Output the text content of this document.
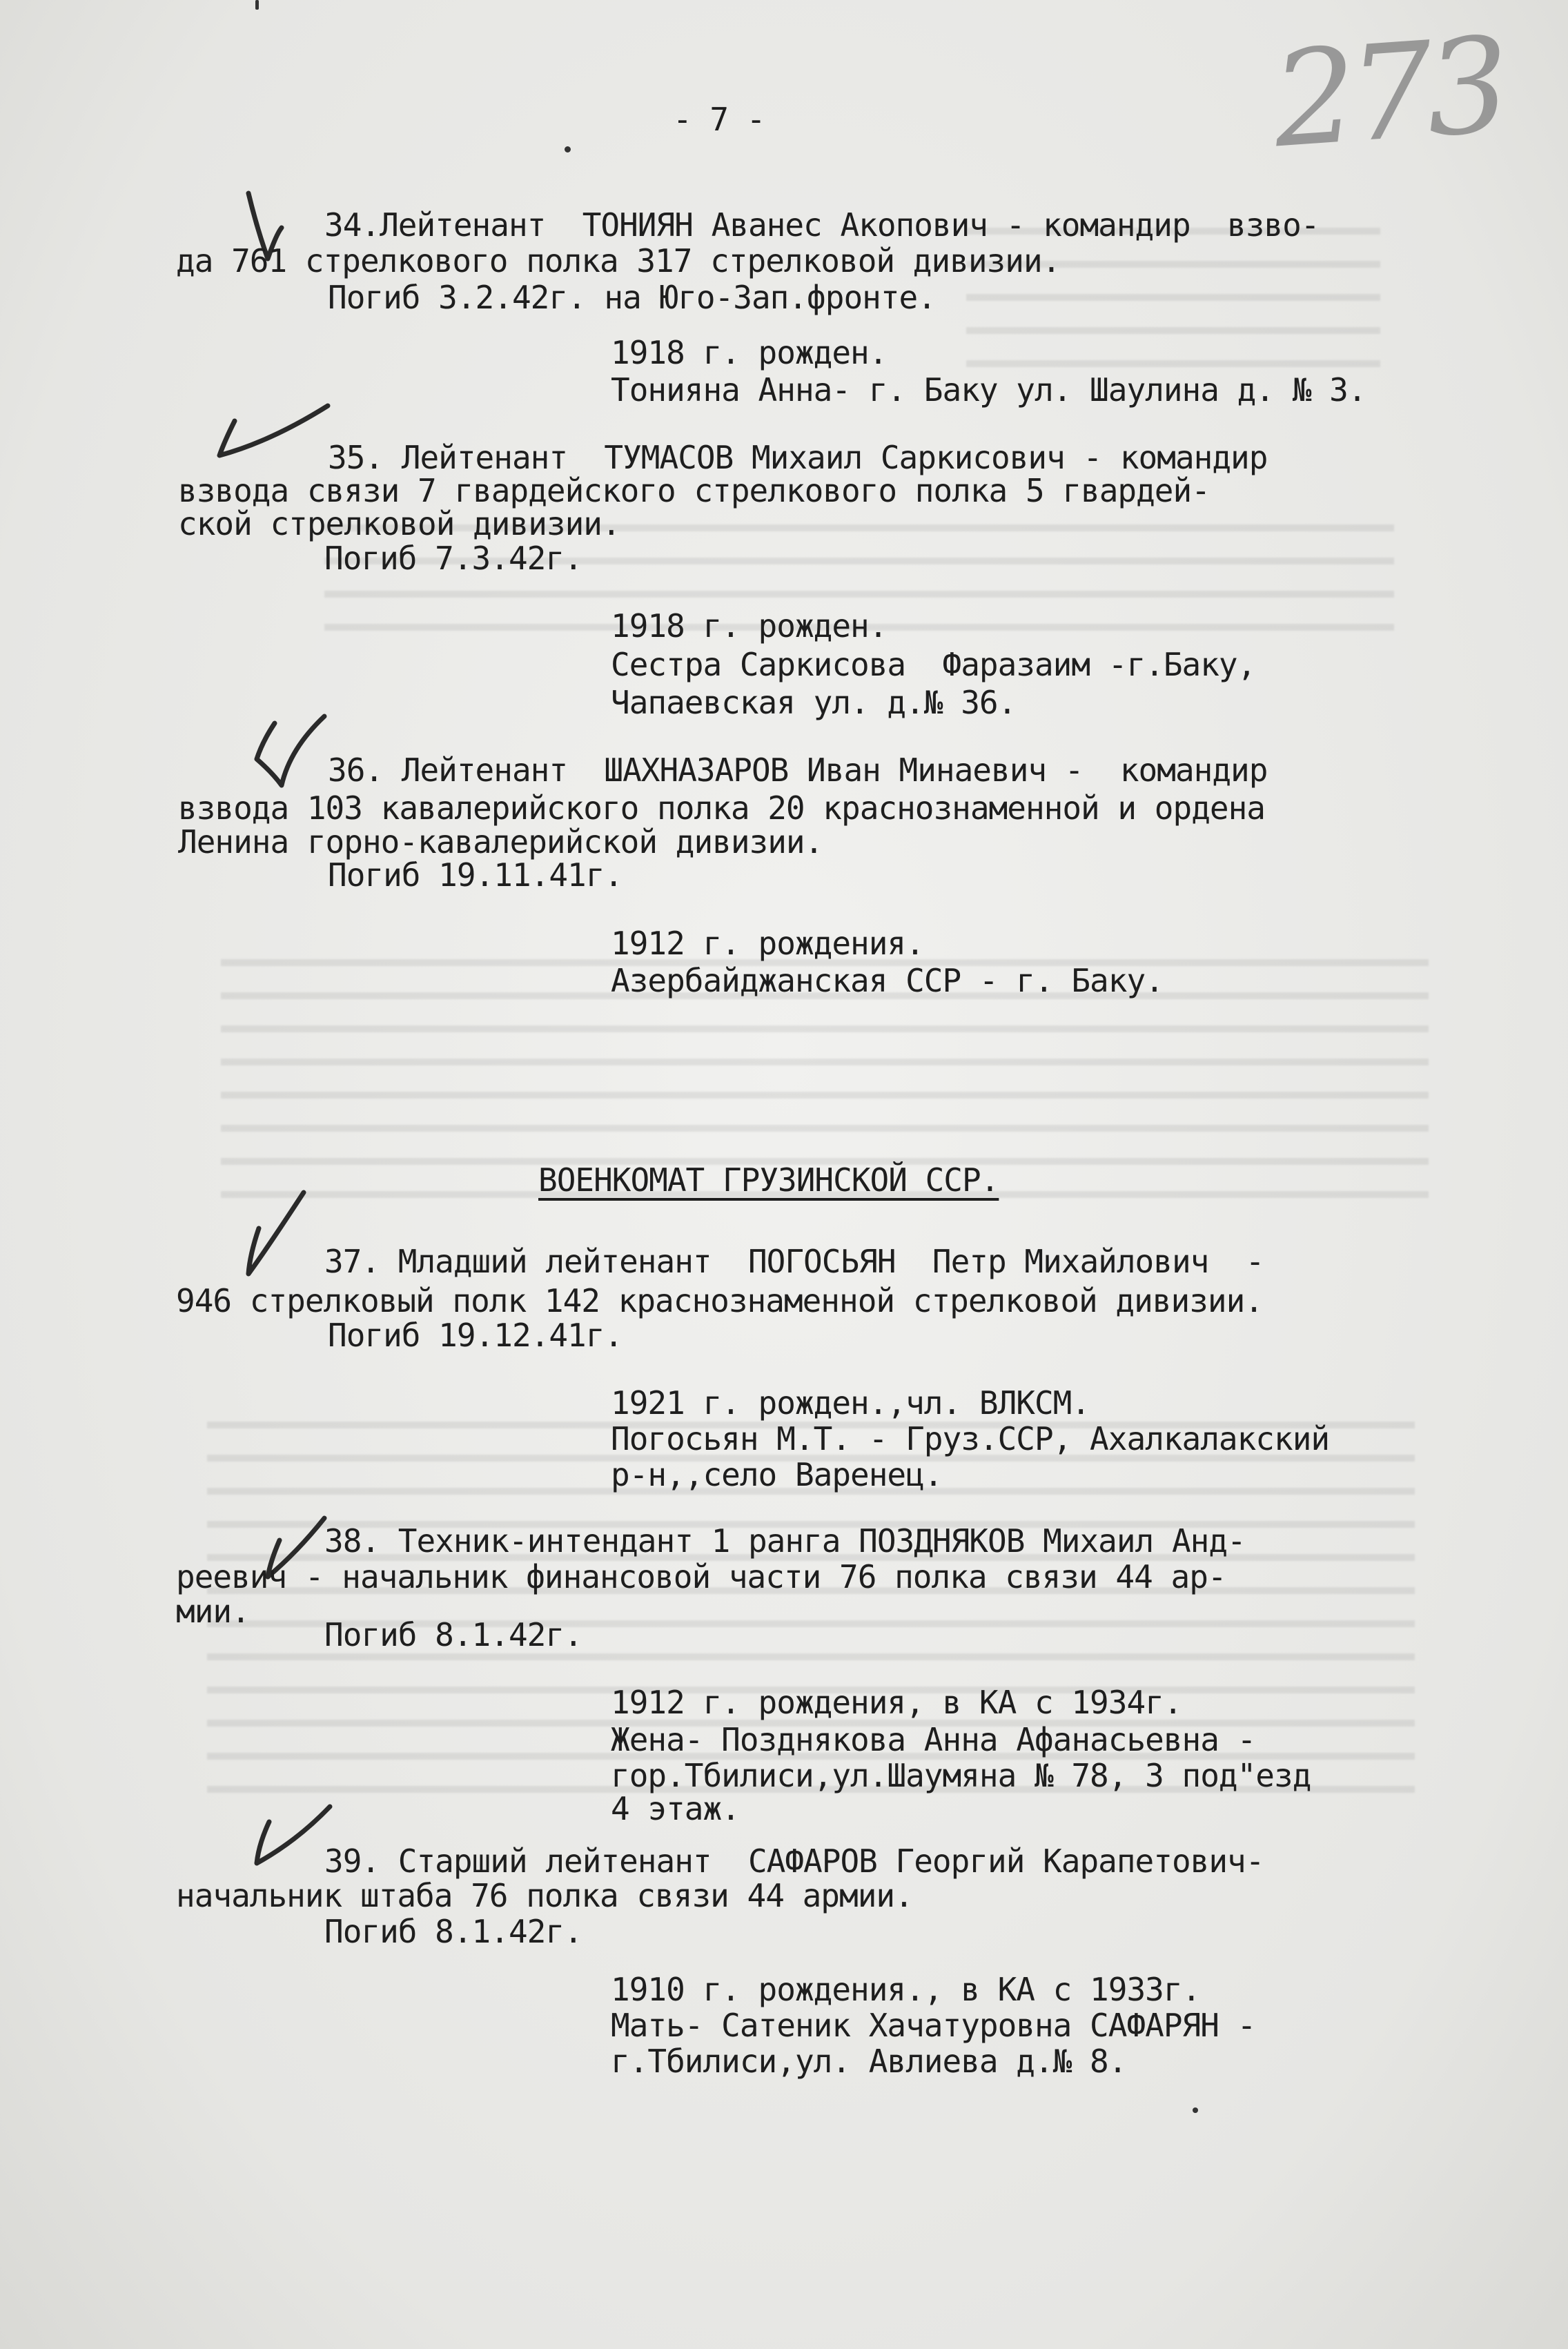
273
- 7 -
34.Лейтенант  ТОНИЯН Аванес Акопович - командир  взво-
да 761 стрелкового полка 317 стрелковой дивизии.
Погиб 3.2.42г. на Юго-Зап.фронте.
1918 г. рожден.
Тонияна Анна- г. Баку ул. Шаулина д. № 3.
35. Лейтенант  ТУМАСОВ Михаил Саркисович - командир
взвода связи 7 гвардейского стрелкового полка 5 гвардей-
ской стрелковой дивизии.
Погиб 7.3.42г.
1918 г. рожден.
Сестра Саркисова  Фаразаим -г.Баку,
Чапаевская ул. д.№ 36.
36. Лейтенант  ШАХНАЗАРОВ Иван Минаевич -  командир
взвода 103 кавалерийского полка 20 краснознаменной и ордена
Ленина горно-кавалерийской дивизии.
Погиб 19.11.41г.
1912 г. рождения.
Азербайджанская ССР - г. Баку.
ВОЕНКОМАТ ГРУЗИНСКОЙ ССР.
37. Младший лейтенант  ПОГОСЬЯН  Петр Михайлович  -
946 стрелковый полк 142 краснознаменной стрелковой дивизии.
Погиб 19.12.41г.
1921 г. рожден.,чл. ВЛКСМ.
Погосьян М.Т. - Груз.ССР, Ахалкалакский
р-н,,село Варенец.
38. Техник-интендант 1 ранга ПОЗДНЯКОВ Михаил Анд-
реевич - начальник финансовой части 76 полка связи 44 ар-
мии.
Погиб 8.1.42г.
1912 г. рождения, в КА с 1934г.
Жена- Позднякова Анна Афанасьевна -
гор.Тбилиси,ул.Шаумяна № 78, 3 под"езд
4 этаж.
39. Старший лейтенант  САФАРОВ Георгий Карапетович-
начальник штаба 76 полка связи 44 армии.
Погиб 8.1.42г.
1910 г. рождения., в КА с 1933г.
Мать- Сатеник Хачатуровна САФАРЯН -
г.Тбилиси,ул. Авлиева д.№ 8.
